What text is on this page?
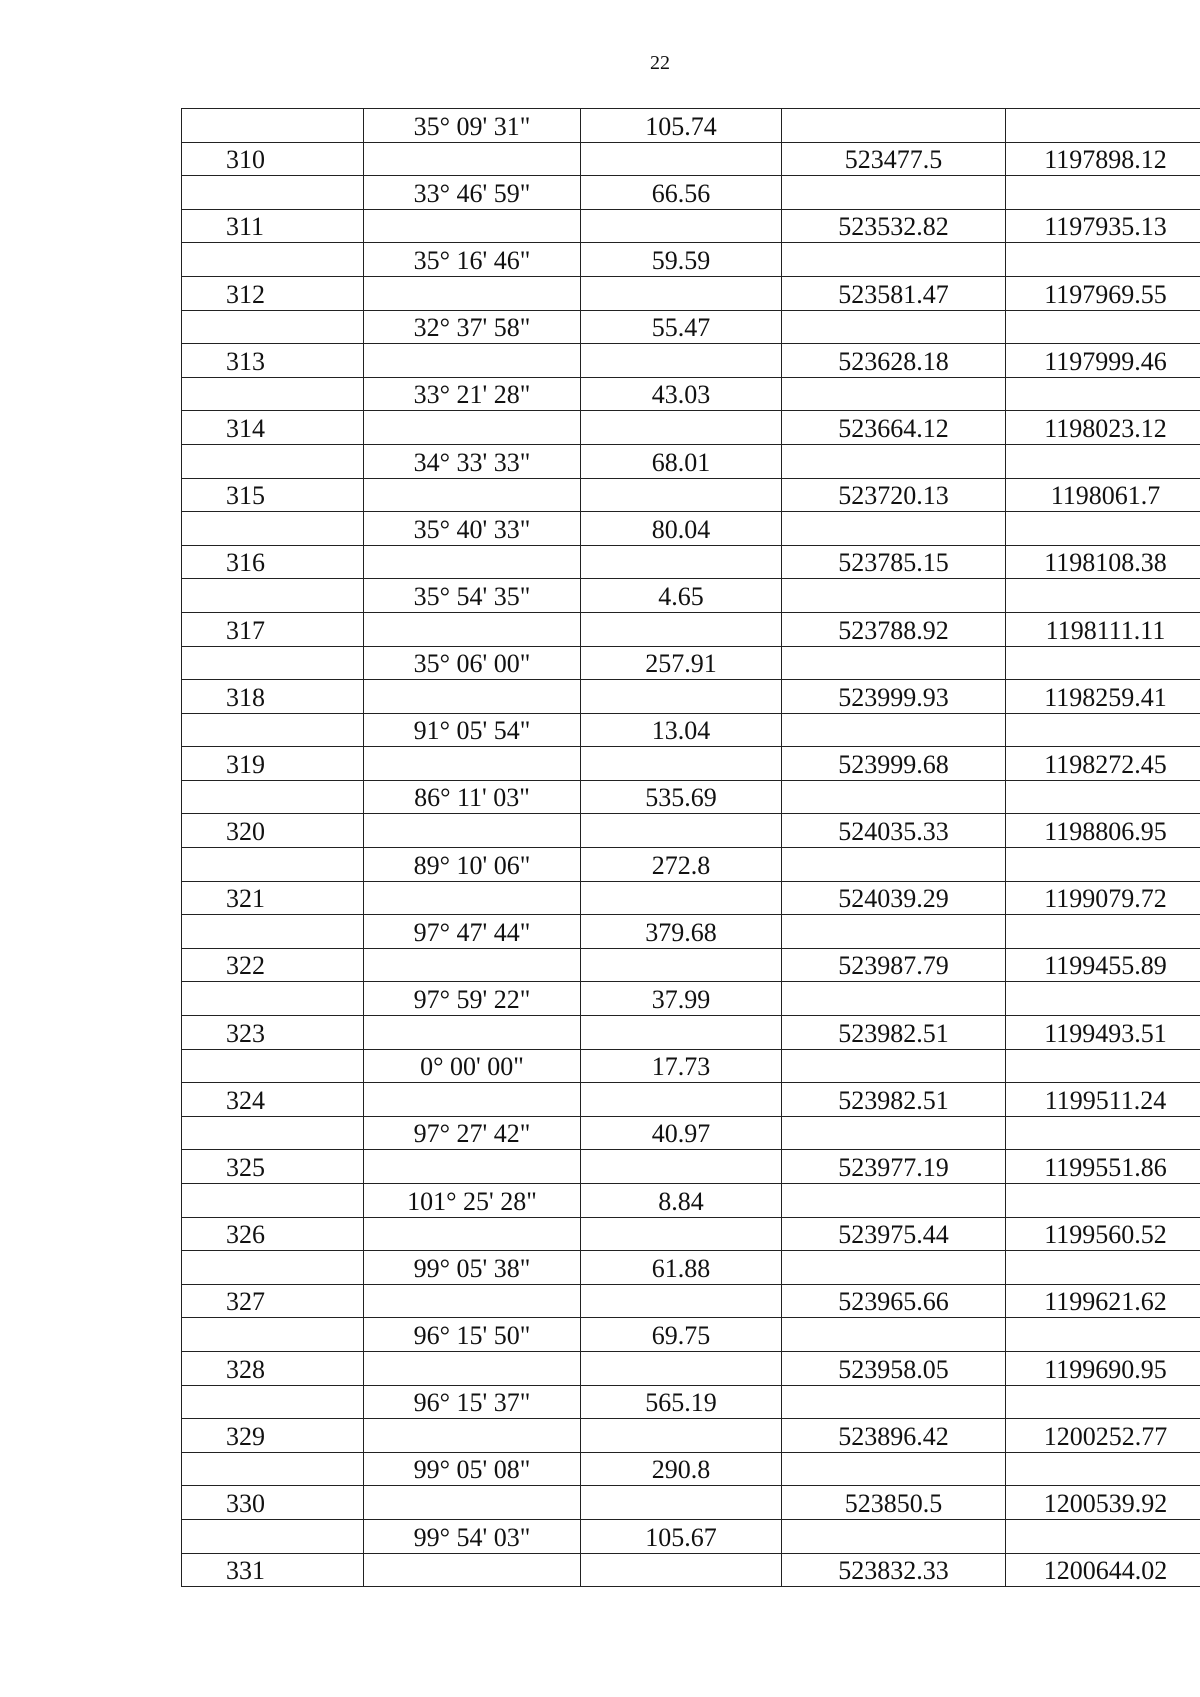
22
	35° 09' 31"	105.74		
310			523477.5	1197898.12
	33° 46' 59"	66.56		
311			523532.82	1197935.13
	35° 16' 46"	59.59		
312			523581.47	1197969.55
	32° 37' 58"	55.47		
313			523628.18	1197999.46
	33° 21' 28"	43.03		
314			523664.12	1198023.12
	34° 33' 33"	68.01		
315			523720.13	1198061.7
	35° 40' 33"	80.04		
316			523785.15	1198108.38
	35° 54' 35"	4.65		
317			523788.92	1198111.11
	35° 06' 00"	257.91		
318			523999.93	1198259.41
	91° 05' 54"	13.04		
319			523999.68	1198272.45
	86° 11' 03"	535.69		
320			524035.33	1198806.95
	89° 10' 06"	272.8		
321			524039.29	1199079.72
	97° 47' 44"	379.68		
322			523987.79	1199455.89
	97° 59' 22"	37.99		
323			523982.51	1199493.51
	0° 00' 00"	17.73		
324			523982.51	1199511.24
	97° 27' 42"	40.97		
325			523977.19	1199551.86
	101° 25' 28"	8.84		
326			523975.44	1199560.52
	99° 05' 38"	61.88		
327			523965.66	1199621.62
	96° 15' 50"	69.75		
328			523958.05	1199690.95
	96° 15' 37"	565.19		
329			523896.42	1200252.77
	99° 05' 08"	290.8		
330			523850.5	1200539.92
	99° 54' 03"	105.67		
331			523832.33	1200644.02
